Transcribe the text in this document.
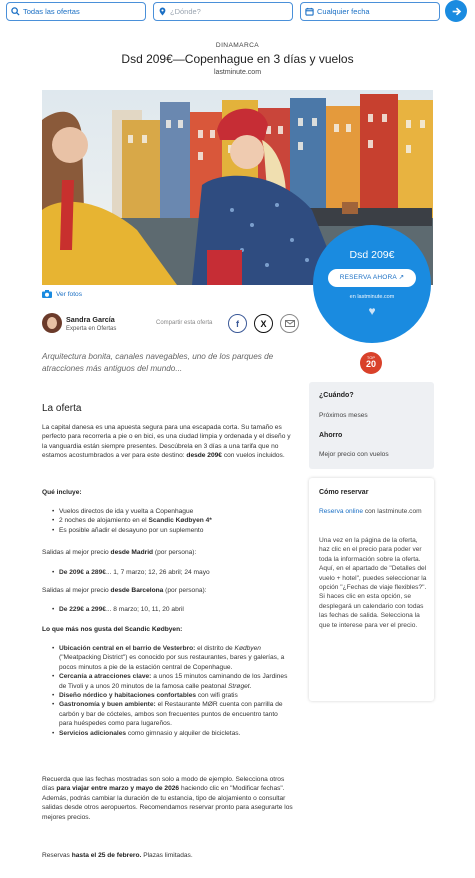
Todas las ofertas	¿Dónde?	Cualquier fecha
DINAMARCA
Dsd 209€—Copenhague en 3 días y vuelos
lastminute.com
Dsd 209€
RESERVA AHORA ↗
en lastminute.com
♥
Ver fotos
Sandra García
Experta en Ofertas
Compartir esta oferta	f	X
Arquitectura bonita, canales navegables, uno de los parques de atracciones más antiguos del mundo...
TOP
20
¿Cuándo?
Próximos meses
Ahorro
Mejor precio con vuelos
Cómo reservar
Reserva online con lastminute.com
Una vez en la página de la oferta, haz clic en el precio para poder ver toda la información sobre la oferta. Aquí, en el apartado de "Detalles del vuelo + hotel", puedes seleccionar la opción "¿Fechas de viaje flexibles?". Si haces clic en esta opción, se desplegará un calendario con todas las fechas de salida. Selecciona la que te interese para ver el precio.
La oferta
La capital danesa es una apuesta segura para una escapada corta. Su tamaño es perfecto para recorrerla a pie o en bici, es una ciudad limpia y ordenada y el diseño y la vanguardia están siempre presentes. Descúbrela en 3 días a una tarifa que no estamos acostumbrados a ver para este destino: desde 209€ con vuelos incluidos.
Qué incluye:
• Vuelos directos de ida y vuelta a Copenhague
• 2 noches de alojamiento en el Scandic Kødbyen 4*
• Es posible añadir el desayuno por un suplemento
Salidas al mejor precio desde Madrid (por persona):
• De 209€ a 289€... 1, 7 marzo; 12, 26 abril; 24 mayo
Salidas al mejor precio desde Barcelona (por persona):
• De 229€ a 299€... 8 marzo; 10, 11, 20 abril
Lo que más nos gusta del Scandic Kødbyen:
• Ubicación central en el barrio de Vesterbro: el distrito de Kødbyen ("Meatpacking District") es conocido por sus restaurantes, bares y galerías, a pocos minutos a pie de la estación central de Copenhague.
• Cercanía a atracciones clave: a unos 15 minutos caminando de los Jardines de Tivoli y a unos 20 minutos de la famosa calle peatonal Strøget.
• Diseño nórdico y habitaciones confortables con wifi gratis
• Gastronomía y buen ambiente: el Restaurante MØR cuenta con parrilla de carbón y bar de cócteles, ambos son frecuentes puntos de encuentro tanto para huéspedes como para lugareños.
• Servicios adicionales como gimnasio y alquiler de bicicletas.
Recuerda que las fechas mostradas son solo a modo de ejemplo. Selecciona otros días para viajar entre marzo y mayo de 2026 haciendo clic en "Modificar fechas". Además, podrás cambiar la duración de tu estancia, tipo de alojamiento o consultar salidas desde otros aeropuertos. Recomendamos reservar pronto para asegurarte los mejores precios.
Reservas hasta el 25 de febrero. Plazas limitadas.
